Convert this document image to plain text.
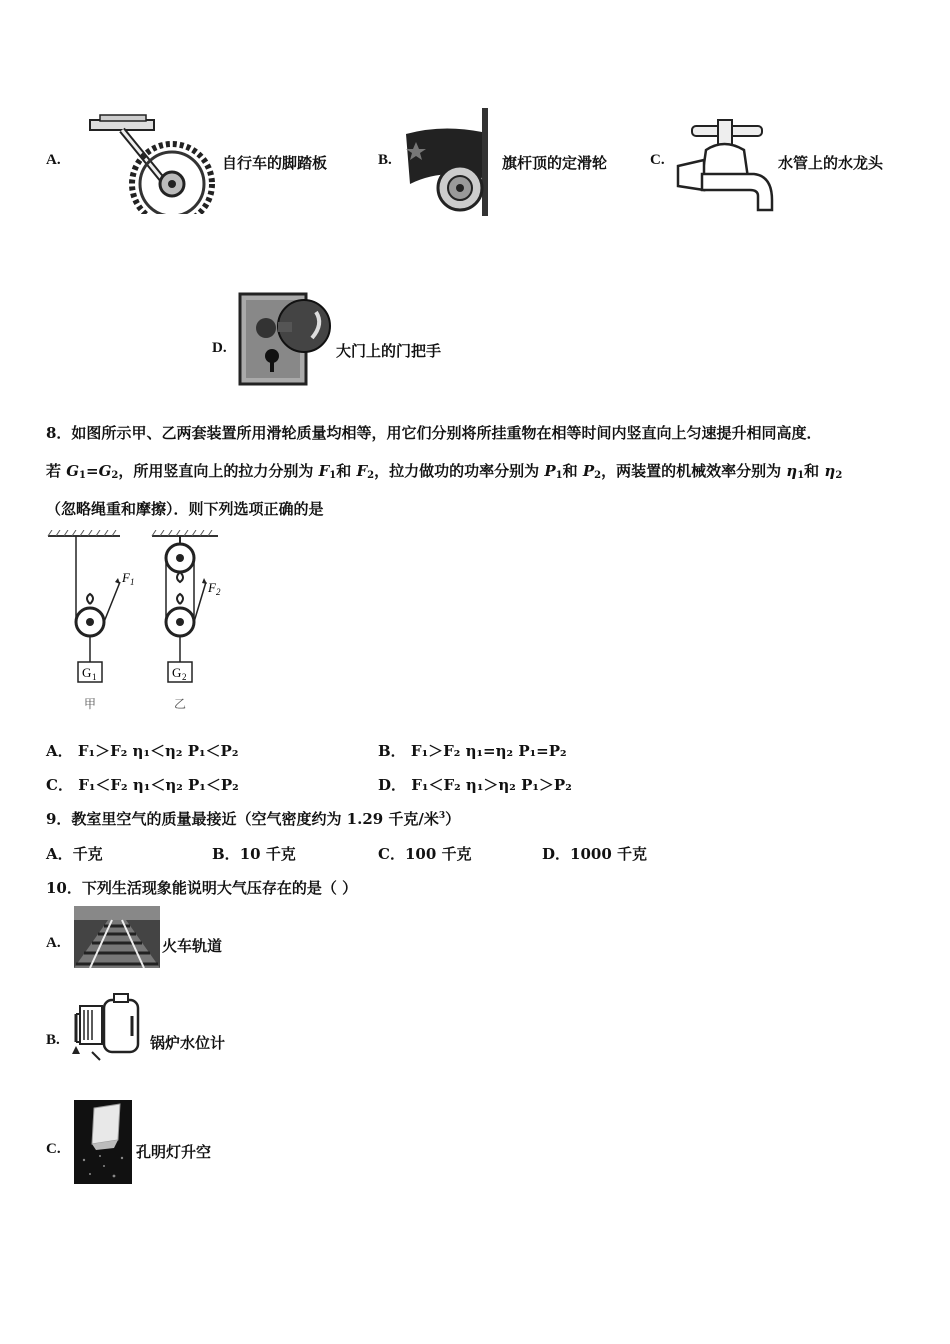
A.	自行车的脚踏板	B.	旗杆顶的定滑轮	C.	水管上的水龙头
D.	大门上的门把手
8．如图所示甲、乙两套装置所用滑轮质量均相等，用它们分别将所挂重物在相等时间内竖直向上匀速提升相同高度．
若 $G_1=G_2$，所用竖直向上的拉力分别为 $F_1$和 $F_2$，拉力做功的功率分别为 $P_1$和 $P_2$，两装置的机械效率分别为 $\eta_1$和 $\eta_2$
（忽略绳重和摩擦）．则下列选项正确的是
F 1
G 1
甲
F 2
G 2
乙
A． F₁＞F₂ η₁＜η₂ P₁＜P₂	B． F₁＞F₂ η₁=η₂ P₁=P₂
C． F₁＜F₂ η₁＜η₂ P₁＜P₂	D． F₁＜F₂ η₁＞η₂ P₁＞P₂
9．教室里空气的质量最接近（空气密度约为 1.29 千克/米$^3$）
A．千克	B．10 千克	C．100 千克	D．1000 千克
10．下列生活现象能说明大气压存在的是（ ）
A.	火车轨道
B.	锅炉水位计
C.	孔明灯升空
